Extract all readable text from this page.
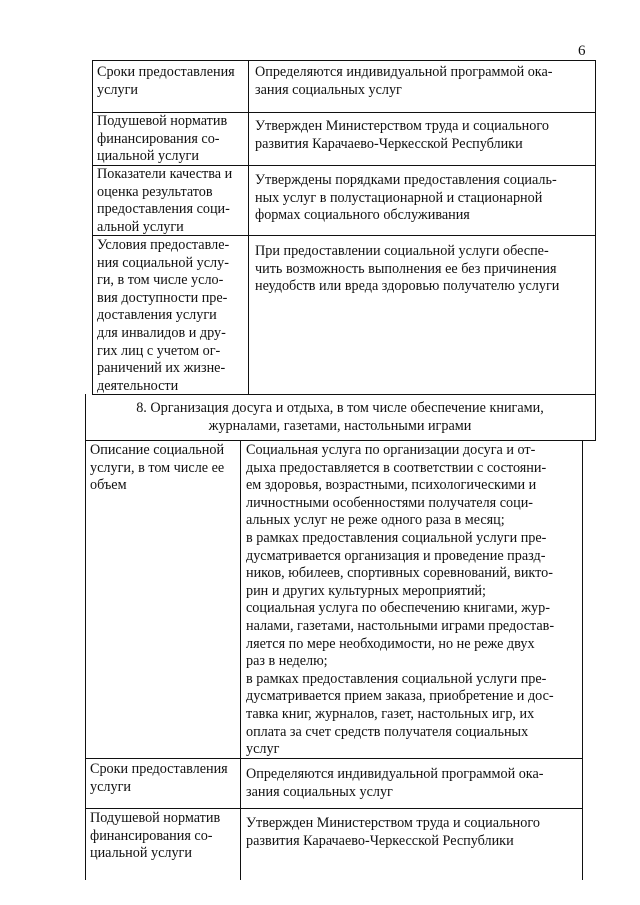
6
Сроки предоставления
услуги
Определяются индивидуальной программой ока-
зания социальных услуг
Подушевой норматив
финансирования со-
циальной услуги
Утвержден Министерством труда и социального
развития Карачаево-Черкесской Республики
Показатели качества и
оценка результатов
предоставления соци-
альной услуги
Утверждены порядками предоставления социаль-
ных услуг в полустационарной и стационарной
формах социального обслуживания
Условия предоставле-
ния социальной услу-
ги, в том числе усло-
вия доступности пре-
доставления услуги
для инвалидов и дру-
гих лиц с учетом ог-
раничений их жизне-
деятельности
При предоставлении социальной услуги обеспе-
чить возможность выполнения ее без причинения
неудобств или вреда здоровью получателю услуги
8. Организация досуга и отдыха, в том числе обеспечение книгами,
журналами, газетами, настольными играми
Описание социальной
услуги, в том числе ее
объем
Социальная услуга по организации досуга и от-
дыха предоставляется в соответствии с состояни-
ем здоровья, возрастными, психологическими и
личностными особенностями получателя соци-
альных услуг не реже одного раза в месяц;
в рамках предоставления социальной услуги пре-
дусматривается организация и проведение празд-
ников, юбилеев, спортивных соревнований, викто-
рин и других культурных мероприятий;
социальная услуга по обеспечению книгами, жур-
налами, газетами, настольными играми предостав-
ляется по мере необходимости, но не реже двух
раз в неделю;
в рамках предоставления социальной услуги пре-
дусматривается прием заказа, приобретение и дос-
тавка книг, журналов, газет, настольных игр, их
оплата за счет средств получателя социальных
услуг
Сроки предоставления
услуги
Определяются индивидуальной программой ока-
зания социальных услуг
Подушевой норматив
финансирования со-
циальной услуги
Утвержден Министерством труда и социального
развития Карачаево-Черкесской Республики
